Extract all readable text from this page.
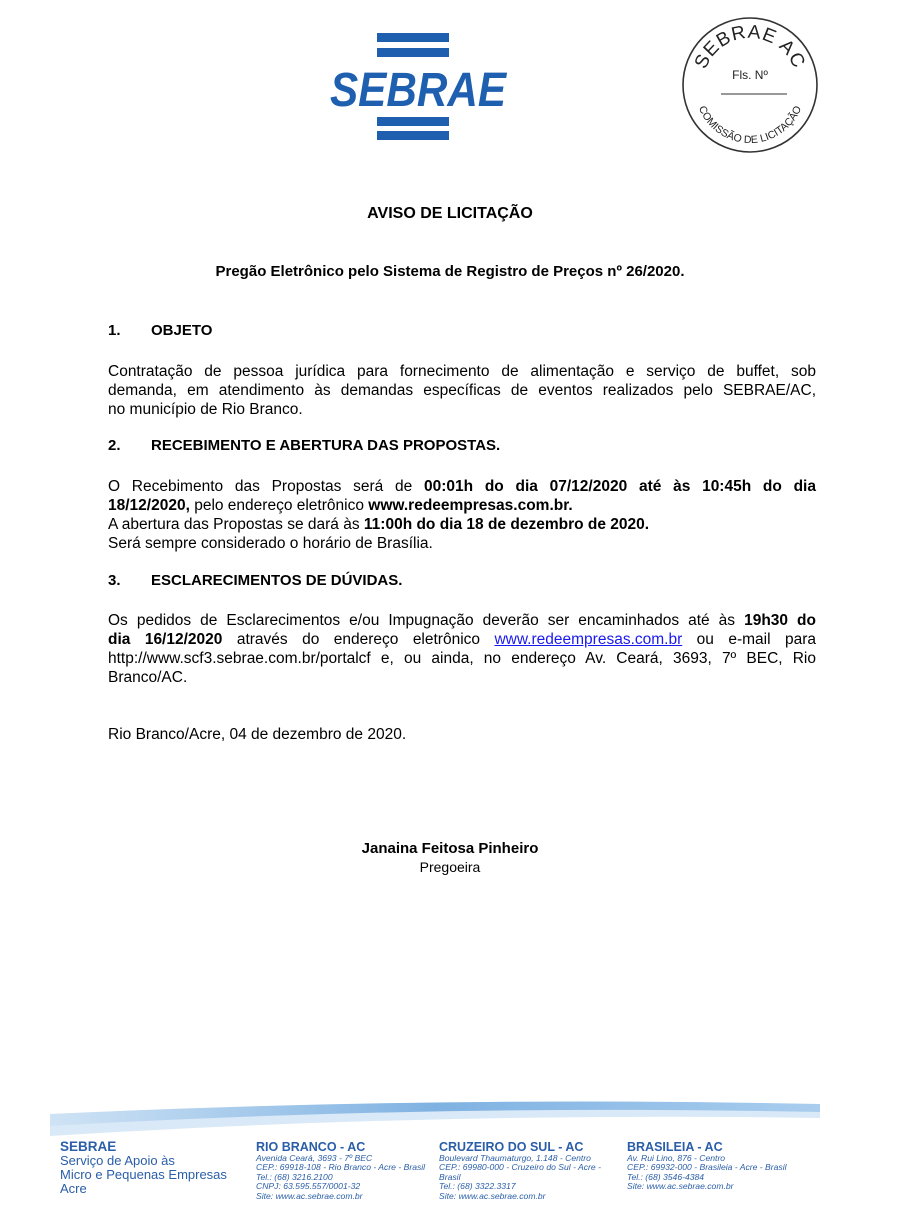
SEBRAE
SEBRAE AC
Fls. Nº
COMISSÃO DE LICITAÇÃO
AVISO DE LICITAÇÃO
Pregão Eletrônico pelo Sistema de Registro de Preços nº 26/2020.
1. OBJETO
Contratação de pessoa jurídica para fornecimento de alimentação e serviço de buffet, sob
demanda, em atendimento às demandas específicas de eventos realizados pelo SEBRAE/AC,
no município de Rio Branco.
2. RECEBIMENTO E ABERTURA DAS PROPOSTAS.
O Recebimento das Propostas será de 00:01h do dia 07/12/2020 até às 10:45h do dia
18/12/2020, pelo endereço eletrônico www.redeempresas.com.br.
A abertura das Propostas se dará às 11:00h do dia 18 de dezembro de 2020.
Será sempre considerado o horário de Brasília.
3. ESCLARECIMENTOS DE DÚVIDAS.
Os pedidos de Esclarecimentos e/ou Impugnação deverão ser encaminhados até às 19h30 do
dia 16/12/2020 através do endereço eletrônico www.redeempresas.com.br ou e-mail para
http://www.scf3.sebrae.com.br/portalcf e, ou ainda, no endereço Av. Ceará, 3693, 7º BEC, Rio
Branco/AC.
Rio Branco/Acre, 04 de dezembro de 2020.
Janaina Feitosa Pinheiro
Pregoeira
SEBRAE
Serviço de Apoio às
Micro e Pequenas Empresas
Acre
RIO BRANCO - AC
Avenida Ceará, 3693 - 7º BEC
CEP.: 69918-108 - Rio Branco - Acre - Brasil
Tel.: (68) 3216.2100
CNPJ: 63.595.557/0001-32
Site: www.ac.sebrae.com.br
CRUZEIRO DO SUL - AC
Boulevard Thaumaturgo, 1.148 - Centro
CEP.: 69980-000 - Cruzeiro do Sul - Acre - Brasil
Tel.: (68) 3322.3317
Site: www.ac.sebrae.com.br
BRASILEIA - AC
Av. Rui Lino, 876 - Centro
CEP.: 69932-000 - Brasileia - Acre - Brasil
Tel.: (68) 3546-4384
Site: www.ac.sebrae.com.br
